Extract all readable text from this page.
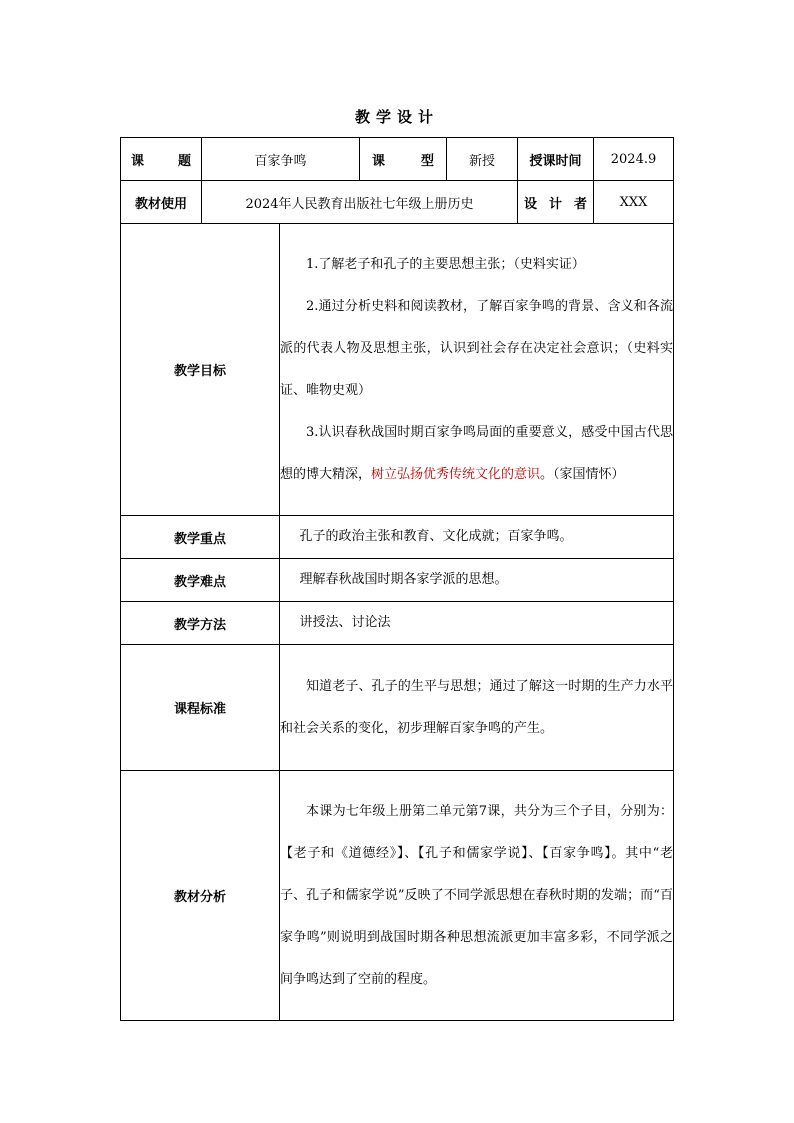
教学设计
课 题	百家争鸣		课 型	新授	授课时间	2024.9
教材使用	2024年人民教育出版社七年级上册历史				设 计 者	XXX
教学目标		1.了解老子和孔子的主要思想主张；（史料实证）

2.通过分析史料和阅读教材，了解百家争鸣的背景、含义和各流派的代表人物及思想主张，认识到社会存在决定社会意识；（史料实证、唯物史观）

3.认识春秋战国时期百家争鸣局面的重要意义，感受中国古代思想的博大精深，树立弘扬优秀传统文化的意识。（家国情怀）				

教学重点		孔子的政治主张和教育、文化成就；百家争鸣。				

教学难点		理解春秋战国时期各家学派的思想。				

教学方法		讲授法、讨论法				

课程标准		知道老子、孔子的生平与思想；通过了解这一时期的生产力水平和社会关系的变化，初步理解百家争鸣的产生。				

教材分析		本课为七年级上册第二单元第7课，共分为三个子目，分别为：【老子和《道德经》】、【孔子和儒家学说】、【百家争鸣】。其中“老子、孔子和儒家学说”反映了不同学派思想在春秋时期的发端；而“百家争鸣”则说明到战国时期各种思想流派更加丰富多彩，不同学派之间争鸣达到了空前的程度。				
